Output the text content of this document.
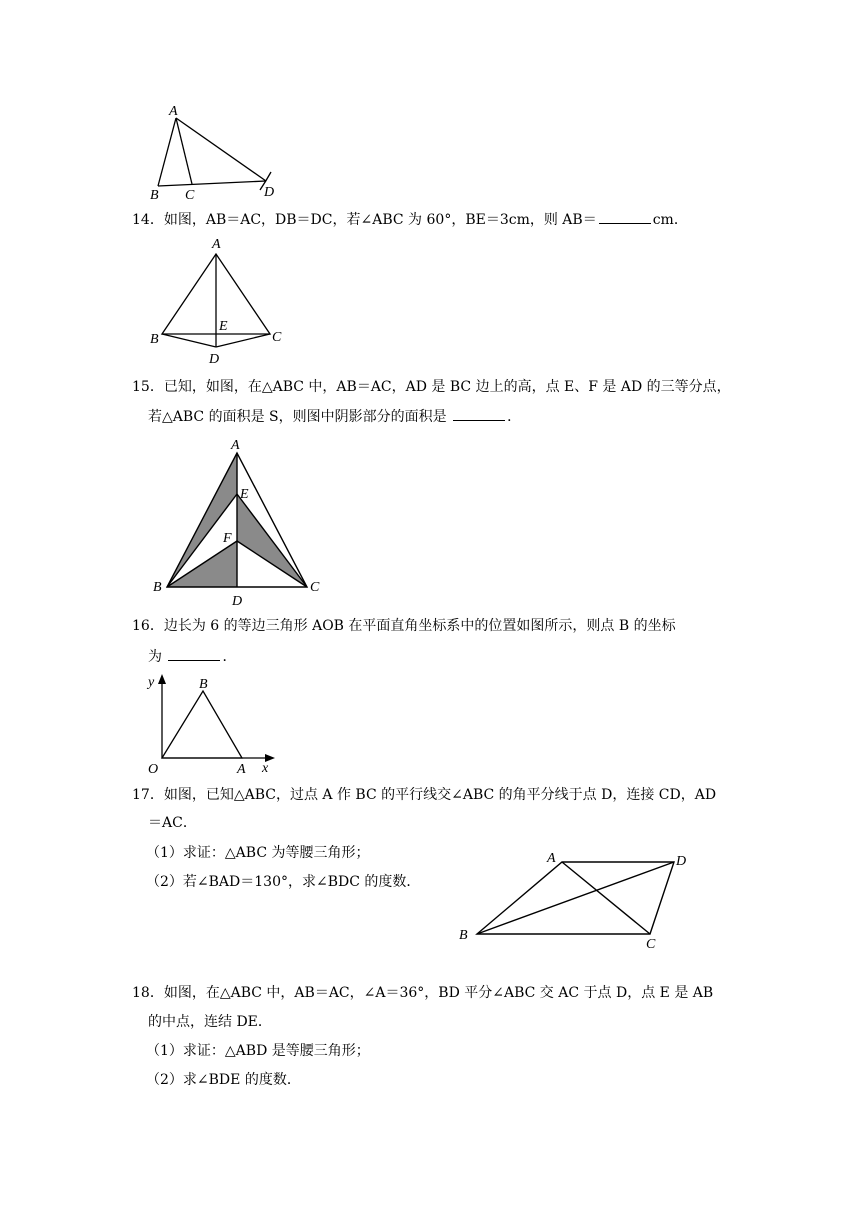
A
B C	D
14．如图，AB＝AC，DB＝DC，若∠ABC 为 60°，BE＝3cm，则 AB＝	cm．
A
B	C
D
E
15．已知，如图，在△ABC 中，AB＝AC，AD 是 BC 边上的高，点 E、F 是 AD 的三等分点，
若△ABC 的面积是 S，则图中阴影部分的面积是	．
A
B	C
D
E
F
16．边长为 6 的等边三角形 AOB 在平面直角坐标系中的位置如图所示，则点 B 的坐标
为	．
y	B
O	A x
17．如图，已知△ABC，过点 A 作 BC 的平行线交∠ABC 的角平分线于点 D，连接 CD，AD
＝AC．
（1）求证：△ABC 为等腰三角形；
（2）若∠BAD＝130°，求∠BDC 的度数．
A	D
B
C
18．如图，在△ABC 中，AB＝AC，∠A＝36°，BD 平分∠ABC 交 AC 于点 D，点 E 是 AB
的中点，连结 DE．
（1）求证：△ABD 是等腰三角形；
（2）求∠BDE 的度数．
